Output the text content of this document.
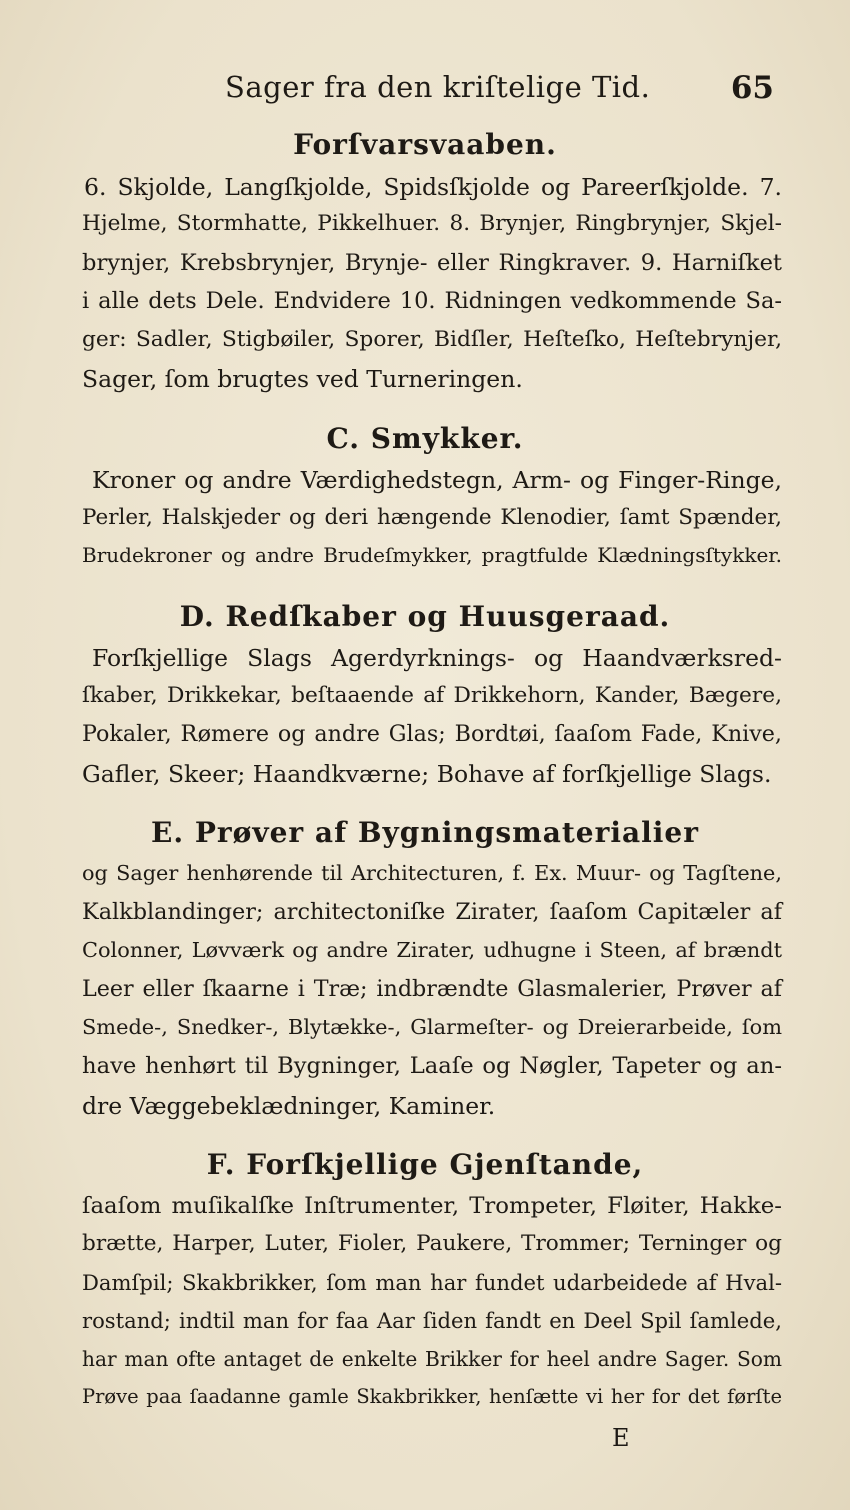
Sager fra den kriſtelige Tid.	65
Forſvarsvaaben.
6. Skjolde, Langſkjolde, Spidsſkjolde og Pareerſkjolde. 7.
Hjelme, Stormhatte, Pikkelhuer. 8. Brynjer, Ringbrynjer, Skjel-
brynjer, Krebsbrynjer, Brynje- eller Ringkraver. 9. Harniſket
i alle dets Dele. Endvidere 10. Ridningen vedkommende Sa-
ger: Sadler, Stigbøiler, Sporer, Bidſler, Heſteſko, Heſtebrynjer,
Sager, ſom brugtes ved Turneringen.
C. Smykker.
Kroner og andre Værdighedstegn, Arm- og Finger-Ringe,
Perler, Halskjeder og deri hængende Klenodier, ſamt Spænder,
Brudekroner og andre Brudeſmykker, pragtfulde Klædningsſtykker.
D. Redſkaber og Huusgeraad.
Forſkjellige Slags Agerdyrknings- og Haandværksred-
ſkaber, Drikkekar, beſtaaende af Drikkehorn, Kander, Bægere,
Pokaler, Rømere og andre Glas; Bordtøi, ſaaſom Fade, Knive,
Gafler, Skeer; Haandkværne; Bohave af forſkjellige Slags.
E. Prøver af Bygningsmaterialier
og Sager henhørende til Architecturen, f. Ex. Muur- og Tagſtene,
Kalkblandinger; architectoniſke Zirater, ſaaſom Capitæler af
Colonner, Løvværk og andre Zirater, udhugne i Steen, af brændt
Leer eller ſkaarne i Træ; indbrændte Glasmalerier, Prøver af
Smede-, Snedker-, Blytække-, Glarmeſter- og Dreierarbeide, ſom
have henhørt til Bygninger, Laaſe og Nøgler, Tapeter og an-
dre Væggebeklædninger, Kaminer.
F. Forſkjellige Gjenſtande,
ſaaſom muſikalſke Inſtrumenter, Trompeter, Fløiter, Hakke-
brætte, Harper, Luter, Fioler, Paukere, Trommer; Terninger og
Damſpil; Skakbrikker, ſom man har fundet udarbeidede af Hval-
rostand; indtil man for faa Aar ſiden fandt en Deel Spil ſamlede,
har man ofte antaget de enkelte Brikker for heel andre Sager. Som
Prøve paa ſaadanne gamle Skakbrikker, henſætte vi her for det førſte
E
